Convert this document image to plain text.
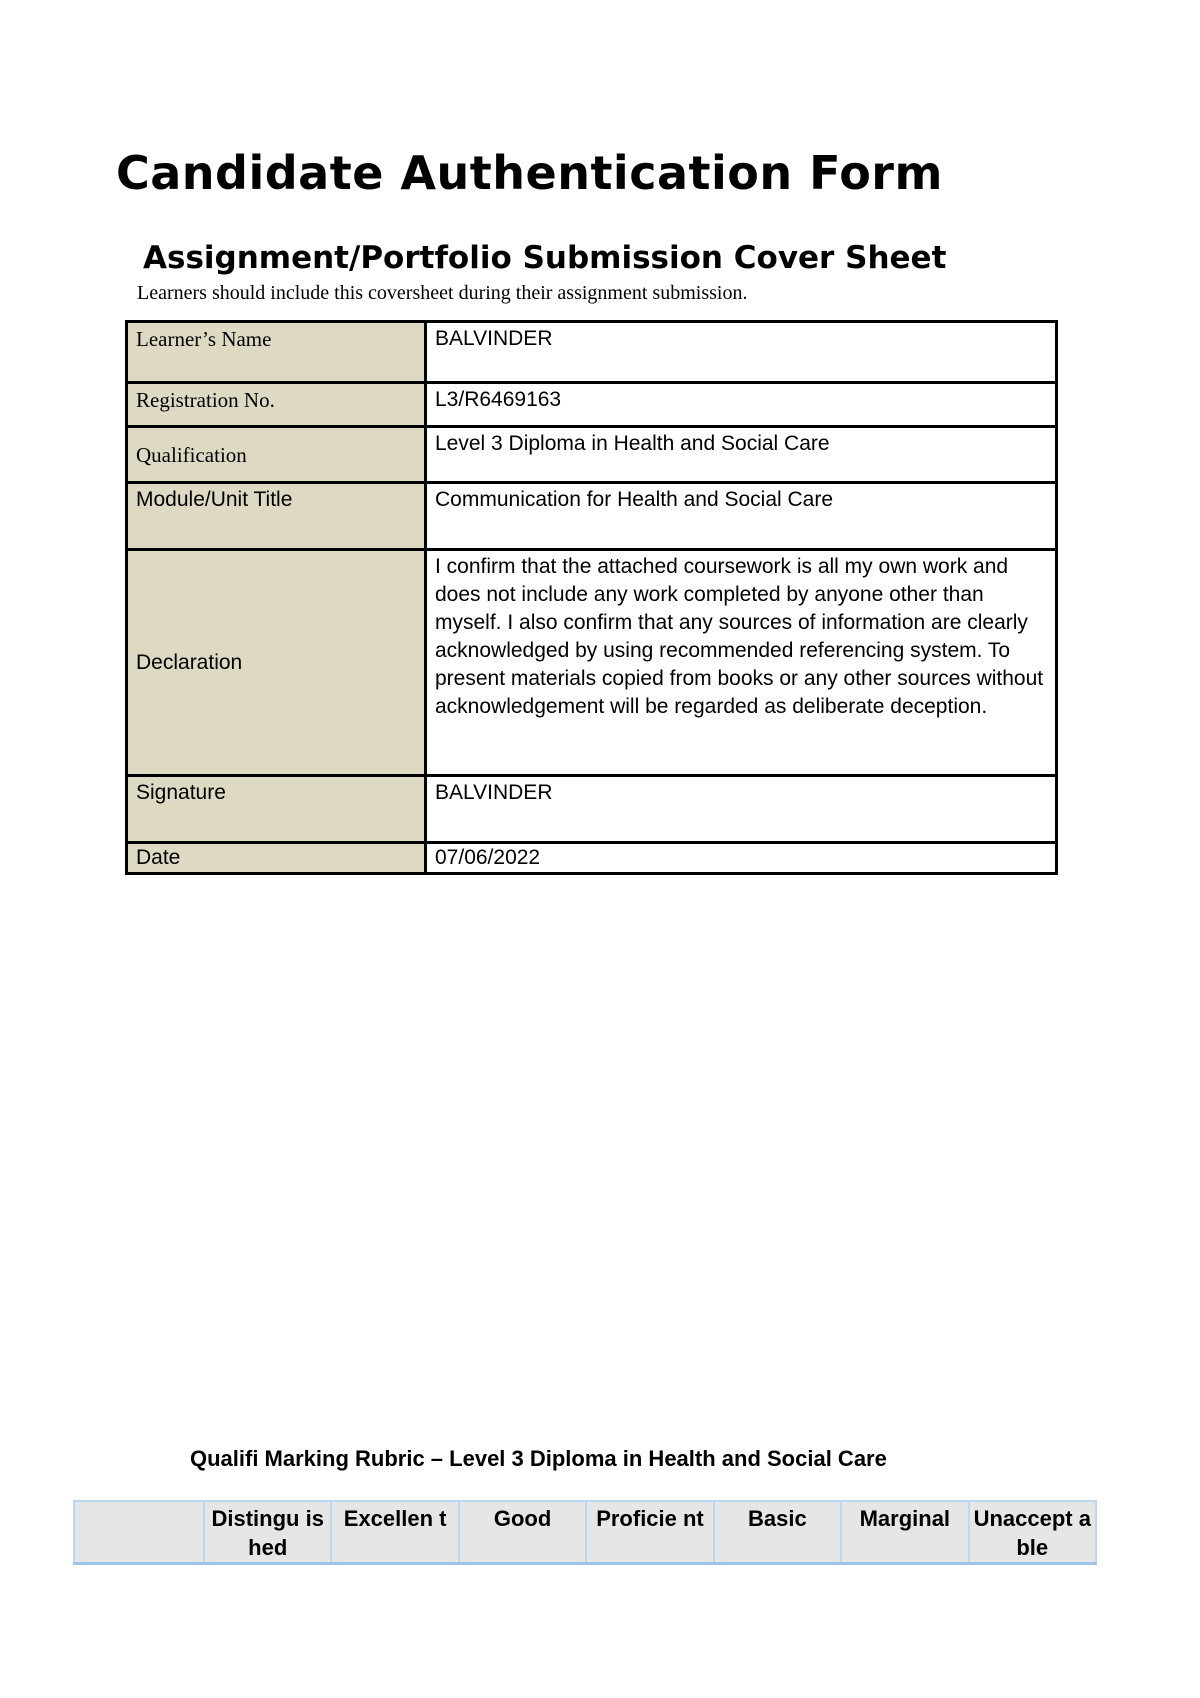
Candidate Authentication Form
Assignment/Portfolio Submission Cover Sheet

Learners should include this coversheet during their assignment submission.

Learner’s Name	BALVINDER
Registration No.	L3/R6469163
Qualification	Level 3 Diploma in Health and Social Care
Module/Unit Title	Communication for Health and Social Care
Declaration	I confirm that the attached coursework is all my own work and does not include any work completed by anyone other than myself. I also confirm that any sources of information are clearly acknowledged by using recommended referencing system. To present materials copied from books or any other sources without acknowledgement will be regarded as deliberate deception.
Signature	BALVINDER
Date	07/06/2022

Qualifi Marking Rubric – Level 3 Diploma in Health and Social Care

	Distingu ished	Excellen t	Good	Proficie nt	Basic	Marginal	Unaccept able
